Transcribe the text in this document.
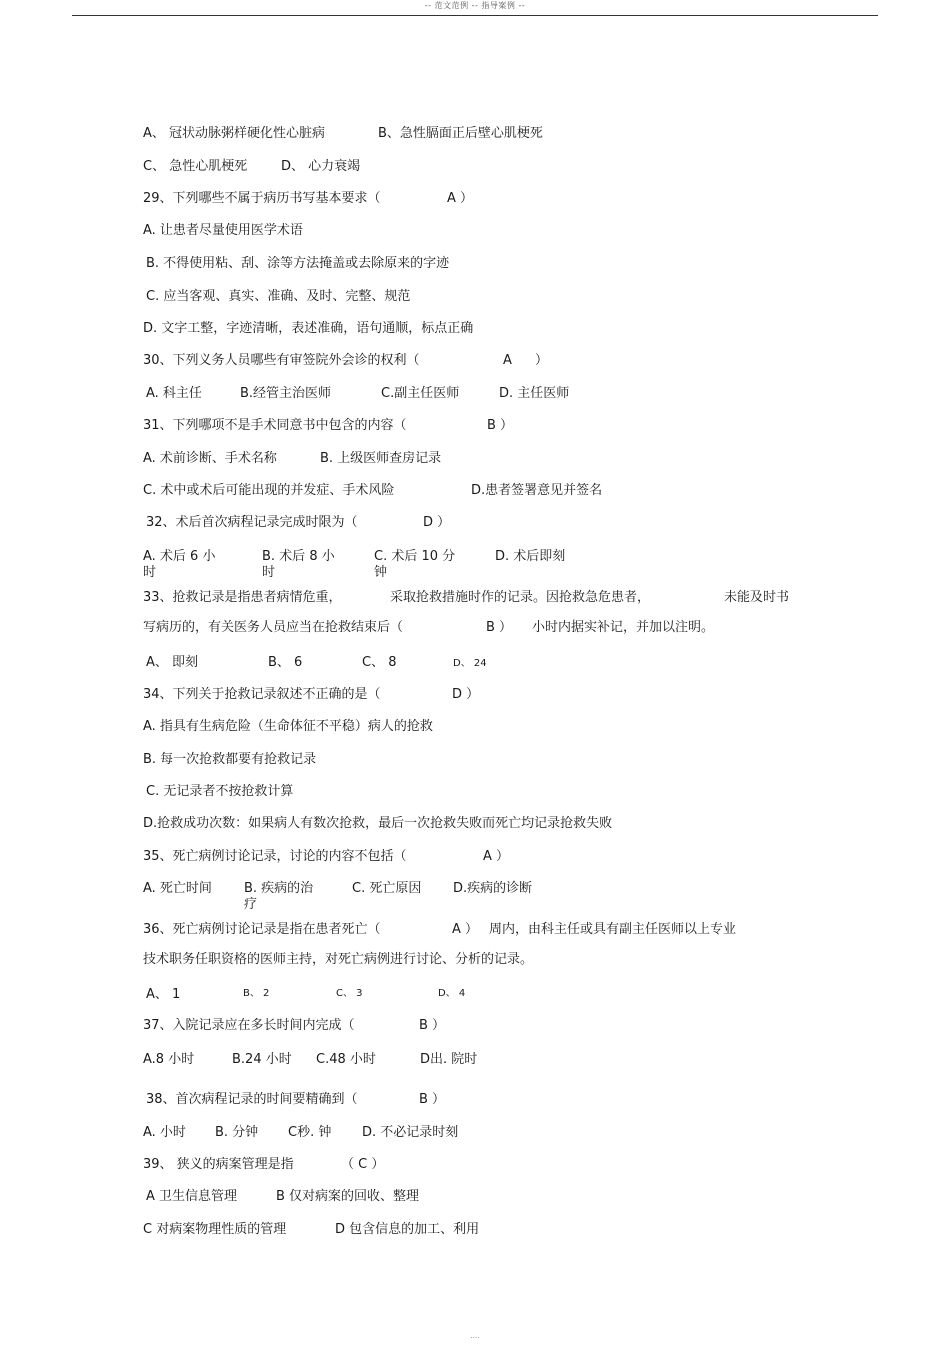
-- 范文范例 -- 指导案例 --
A、 冠状动脉粥样硬化性心脏病	B、急性膈面正后壁心肌梗死
C、 急性心肌梗死	D、 心力衰竭
29、下列哪些不属于病历书写基本要求（	A ）
A. 让患者尽量使用医学术语
B. 不得使用粘、刮、涂等方法掩盖或去除原来的字迹
C. 应当客观、真实、准确、及时、完整、规范
D. 文字工整，字迹清晰，表述准确，语句通顺，标点正确
30、下列义务人员哪些有审签院外会诊的权利（	A ）
A. 科主任	B.经管主治医师	C.副主任医师	D. 主任医师
31、下列哪项不是手术同意书中包含的内容（	B ）
A. 术前诊断、手术名称	B. 上级医师查房记录
C. 术中或术后可能出现的并发症、手术风险	D.患者签署意见并签名
32、术后首次病程记录完成时限为（	D ）
A. 术后 6 小时
B. 术后 8 小时
C. 术后 10 分钟
D. 术后即刻
33、抢救记录是指患者病情危重，	采取抢救措施时作的记录。因抢救急危患者，	未能及时书
写病历的，有关医务人员应当在抢救结束后（	B ） 小时内据实补记，并加以注明。
A、 即刻	B、 6	C、 8	D、 24
34、下列关于抢救记录叙述不正确的是（	D ）
A. 指具有生病危险（生命体征不平稳）病人的抢救
B. 每一次抢救都要有抢救记录
C. 无记录者不按抢救计算
D.抢救成功次数：如果病人有数次抢救，最后一次抢救失败而死亡均记录抢救失败
35、死亡病例讨论记录，讨论的内容不包括（	A ）
A. 死亡时间 B. 疾病的治疗
C. 死亡原因 D.疾病的诊断
36、死亡病例讨论记录是指在患者死亡（	A ） 周内，由科主任或具有副主任医师以上专业
技术职务任职资格的医师主持，对死亡病例进行讨论、分析的记录。
A、 1	B、 2	C、 3	D、 4
37、入院记录应在多长时间内完成（	B ）
A.8 小时	B.24 小时	C.48 小时	D出. 院时
38、首次病程记录的时间要精确到（	B ）
A. 小时 B. 分钟 C秒. 钟 D. 不必记录时刻
39、 狭义的病案管理是指	（ C ）
A 卫生信息管理	B 仅对病案的回收、整理
C 对病案物理性质的管理	D 包含信息的加工、利用
....
